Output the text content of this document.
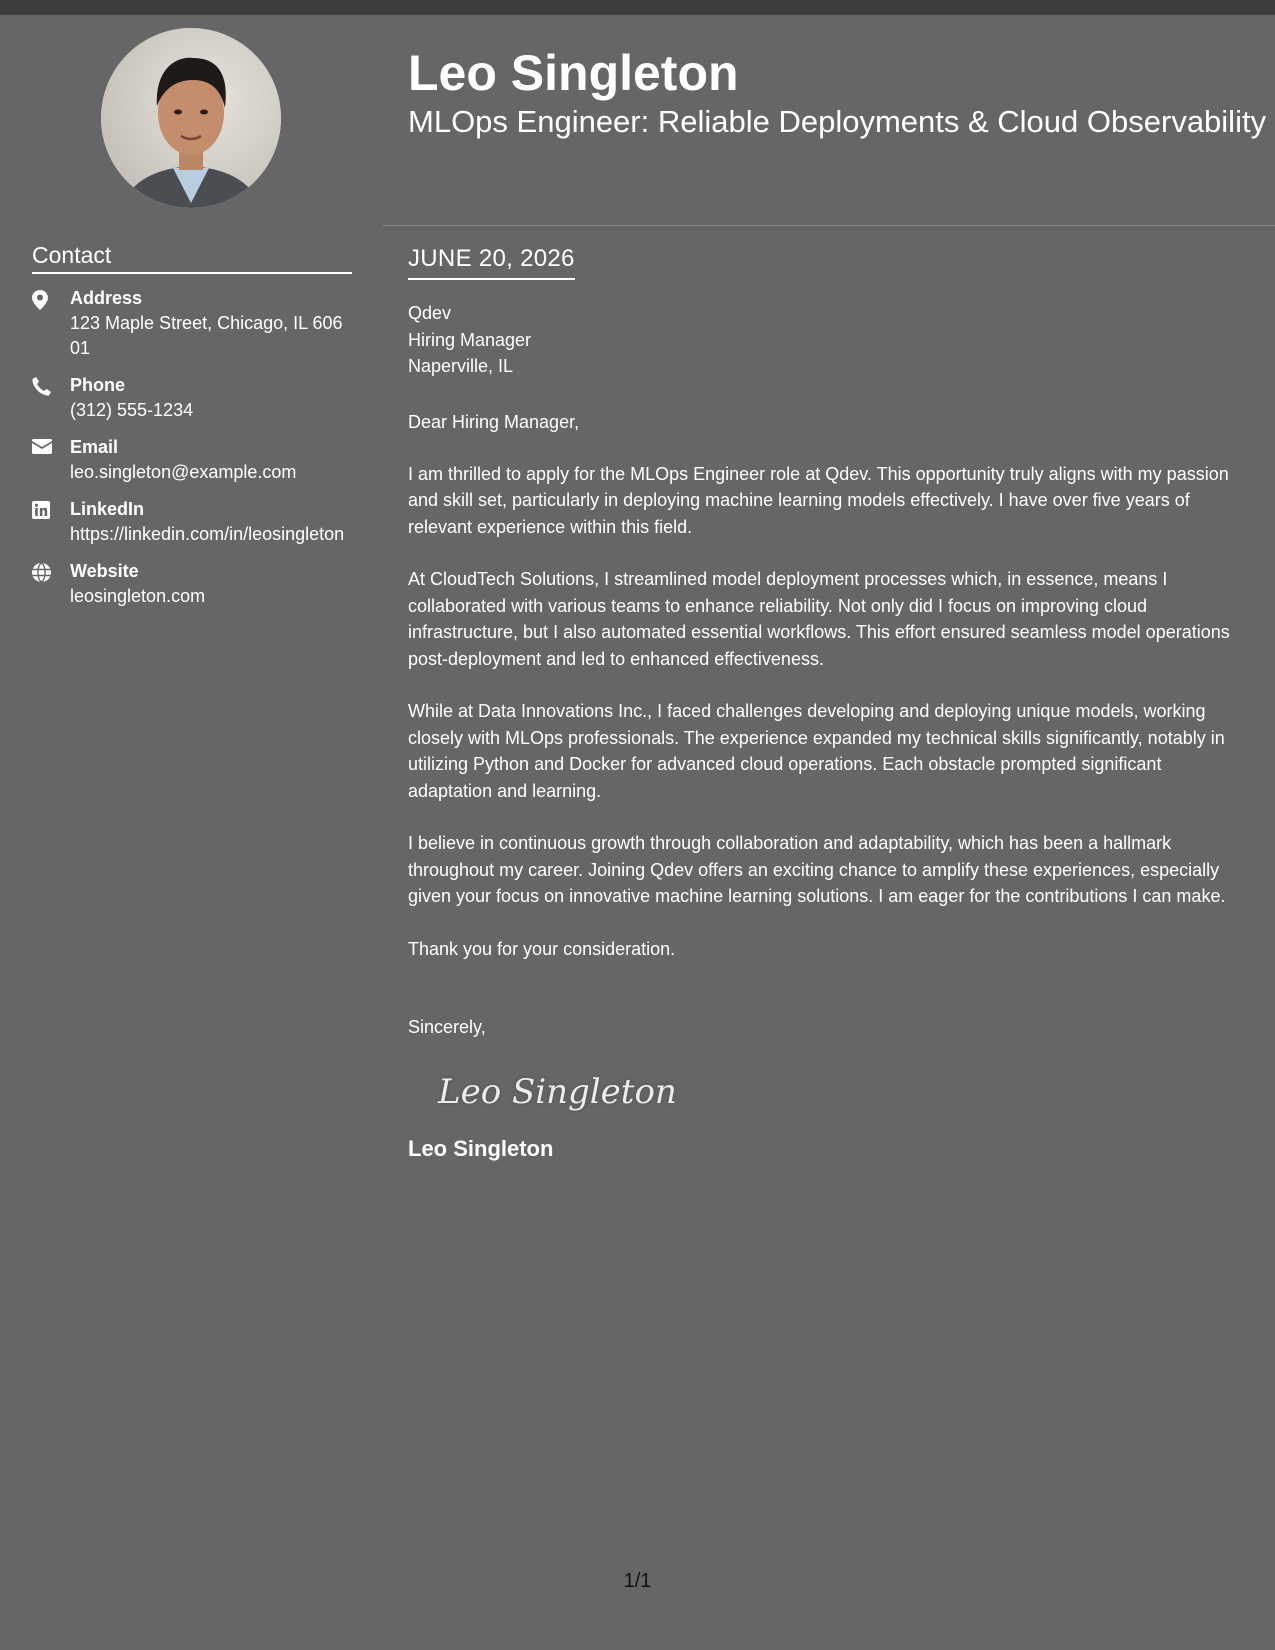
Leo Singleton
MLOps Engineer: Reliable Deployments & Cloud Observability
Contact
Address
123 Maple Street, Chicago, IL 60601
Phone
(312) 555-1234
Email
leo.singleton@example.com
LinkedIn
https://linkedin.com/in/leosingleton
Website
leosingleton.com
JUNE 20, 2026
Qdev
Hiring Manager
Naperville, IL
Dear Hiring Manager,
I am thrilled to apply for the MLOps Engineer role at Qdev. This opportunity truly aligns with my passion and skill set, particularly in deploying machine learning models effectively. I have over five years of relevant experience within this field.
At CloudTech Solutions, I streamlined model deployment processes which, in essence, means I collaborated with various teams to enhance reliability. Not only did I focus on improving cloud infrastructure, but I also automated essential workflows. This effort ensured seamless model operations post-deployment and led to enhanced effectiveness.
While at Data Innovations Inc., I faced challenges developing and deploying unique models, working closely with MLOps professionals. The experience expanded my technical skills significantly, notably in utilizing Python and Docker for advanced cloud operations. Each obstacle prompted significant adaptation and learning.
I believe in continuous growth through collaboration and adaptability, which has been a hallmark throughout my career. Joining Qdev offers an exciting chance to amplify these experiences, especially given your focus on innovative machine learning solutions. I am eager for the contributions I can make.
Thank you for your consideration.
Sincerely,
Leo Singleton
Leo Singleton
1/1
